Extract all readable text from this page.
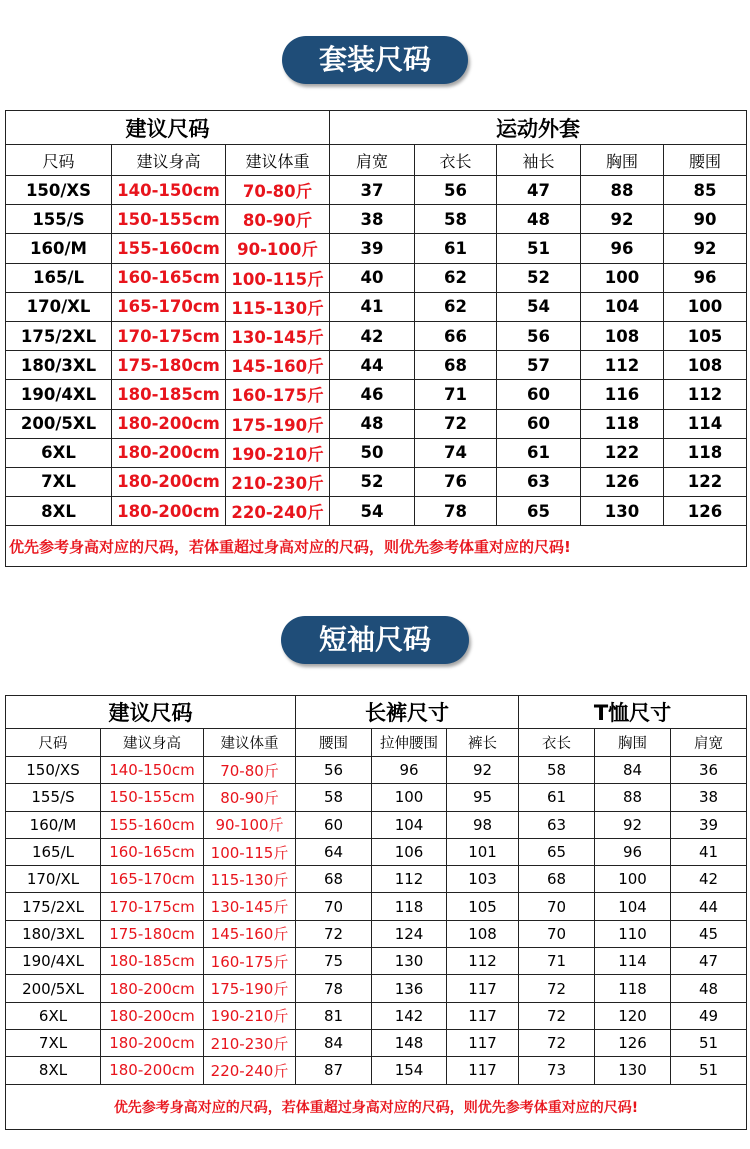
套装尺码
建议尺码			运动外套				
尺码	建议身高	建议体重	肩宽	衣长	袖长	胸围	腰围
150/XS	140-150cm	70-80斤	37	56	47	88	85
155/S	150-155cm	80-90斤	38	58	48	92	90
160/M	155-160cm	90-100斤	39	61	51	96	92
165/L	160-165cm	100-115斤	40	62	52	100	96
170/XL	165-170cm	115-130斤	41	62	54	104	100
175/2XL	170-175cm	130-145斤	42	66	56	108	105
180/3XL	175-180cm	145-160斤	44	68	57	112	108
190/4XL	180-185cm	160-175斤	46	71	60	116	112
200/5XL	180-200cm	175-190斤	48	72	60	118	114
6XL	180-200cm	190-210斤	50	74	61	122	118
7XL	180-200cm	210-230斤	52	76	63	126	122
8XL	180-200cm	220-240斤	54	78	65	130	126
优先参考身高对应的尺码，若体重超过身高对应的尺码，则优先参考体重对应的尺码!							
短袖尺码
建议尺码			长裤尺寸			T恤尺寸		
尺码	建议身高	建议体重	腰围	拉伸腰围	裤长	衣长	胸围	肩宽
150/XS	140-150cm	70-80斤	56	96	92	58	84	36
155/S	150-155cm	80-90斤	58	100	95	61	88	38
160/M	155-160cm	90-100斤	60	104	98	63	92	39
165/L	160-165cm	100-115斤	64	106	101	65	96	41
170/XL	165-170cm	115-130斤	68	112	103	68	100	42
175/2XL	170-175cm	130-145斤	70	118	105	70	104	44
180/3XL	175-180cm	145-160斤	72	124	108	70	110	45
190/4XL	180-185cm	160-175斤	75	130	112	71	114	47
200/5XL	180-200cm	175-190斤	78	136	117	72	118	48
6XL	180-200cm	190-210斤	81	142	117	72	120	49
7XL	180-200cm	210-230斤	84	148	117	72	126	51
8XL	180-200cm	220-240斤	87	154	117	73	130	51
优先参考身高对应的尺码，若体重超过身高对应的尺码，则优先参考体重对应的尺码!								
